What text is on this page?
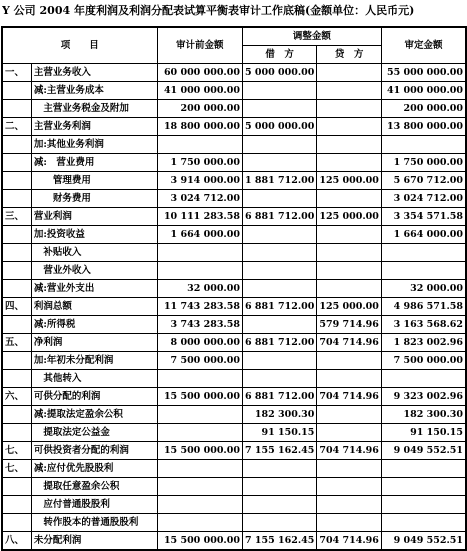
Y 公司 2004 年度利润及利润分配表试算平衡表审计工作底稿(金额单位：人民币元)
项　　目		审计前金额	调整金额		审定金额
			借　方	贷　方	
一、	主营业务收入	60 000 000.00	5 000 000.00		55 000 000.00
	减:主营业务成本	41 000 000.00			41 000 000.00
	　主营业务税金及附加	200 000.00			200 000.00
二、	主营业务利润	18 800 000.00	5 000 000.00		13 800 000.00
	加:其他业务利润				
	减:　营业费用	1 750 000.00			1 750 000.00
	　　管理费用	3 914 000.00	1 881 712.00	125 000.00	5 670 712.00
	　　财务费用	3 024 712.00			3 024 712.00
三、	营业利润	10 111 283.58	6 881 712.00	125 000.00	3 354 571.58
	加:投资收益	1 664 000.00			1 664 000.00
	　补贴收入				
	　营业外收入				
	减:营业外支出	32 000.00			32 000.00
四、	利润总额	11 743 283.58	6 881 712.00	125 000.00	4 986 571.58
	减:所得税	3 743 283.58		579 714.96	3 163 568.62
五、	净利润	8 000 000.00	6 881 712.00	704 714.96	1 823 002.96
	加:年初未分配利润	7 500 000.00			7 500 000.00
	　其他转入				
六、	可供分配的利润	15 500 000.00	6 881 712.00	704 714.96	9 323 002.96
	减:提取法定盈余公积		182 300.30		182 300.30
	　提取法定公益金		91 150.15		91 150.15
七、	可供投资者分配的利润	15 500 000.00	7 155 162.45	704 714.96	9 049 552.51
七、	减:应付优先股股利				
	　提取任意盈余公积				
	　应付普通股股利				
	　转作股本的普通股股利				
八、	未分配利润	15 500 000.00	7 155 162.45	704 714.96	9 049 552.51
